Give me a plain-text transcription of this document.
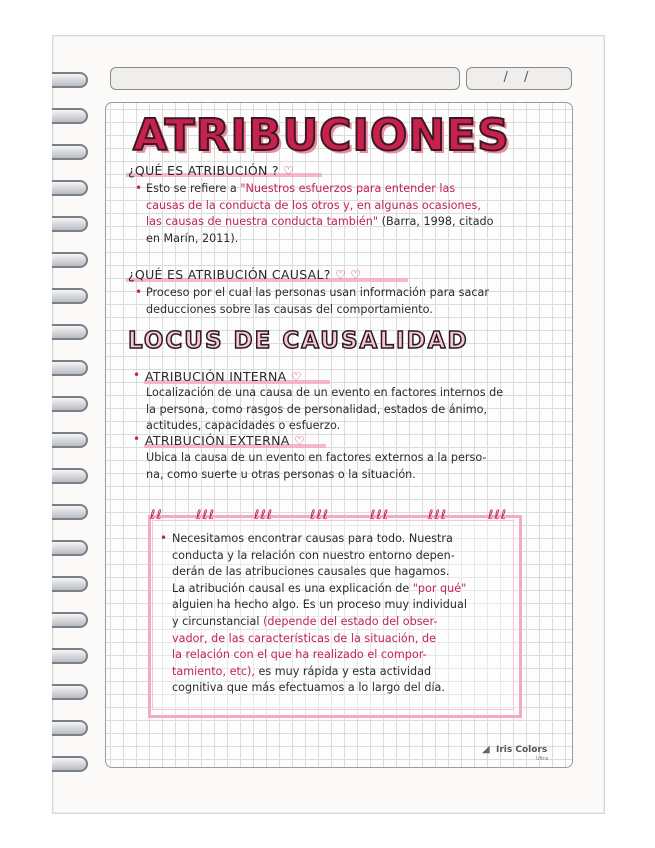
/ /
ATRIBUCIONES
¿QUÉ ES ATRIBUCIÓN ? ♡
• Esto se refiere a "Nuestros esfuerzos para entender las
causas de la conducta de los otros y, en algunas ocasiones,
las causas de nuestra conducta también" (Barra, 1998, citado
en Marín, 2011).
¿QUÉ ES ATRIBUCIÓN CAUSAL? ♡ ♡
• Proceso por el cual las personas usan información para sacar
deducciones sobre las causas del comportamiento.
LOCUS DE CAUSALIDAD
• ATRIBUCIÓN INTERNA ♡
Localización de una causa de un evento en factores internos de
la persona, como rasgos de personalidad, estados de ánimo,
actitudes, capacidades o esfuerzo.
• ATRIBUCIÓN EXTERNA ♡
Ubica la causa de un evento en factores externos a la perso-
na, como suerte u otras personas o la situación.
ℓℓ	ℓℓℓ	ℓℓℓ	ℓℓℓ	ℓℓℓ	ℓℓℓ	ℓℓℓ
• Necesitamos encontrar causas para todo. Nuestra
conducta y la relación con nuestro entorno depen-
derán de las atribuciones causales que hagamos.
La atribución causal es una explicación de "por qué"
alguien ha hecho algo. Es un proceso muy individual
y circunstancial (depende del estado del obser-
vador, de las características de la situación, de
la relación con el que ha realizado el compor-
tamiento, etc), es muy rápida y esta actividad
cognitiva que más efectuamos a lo largo del día.
◢ Iris Colors
Ultra
